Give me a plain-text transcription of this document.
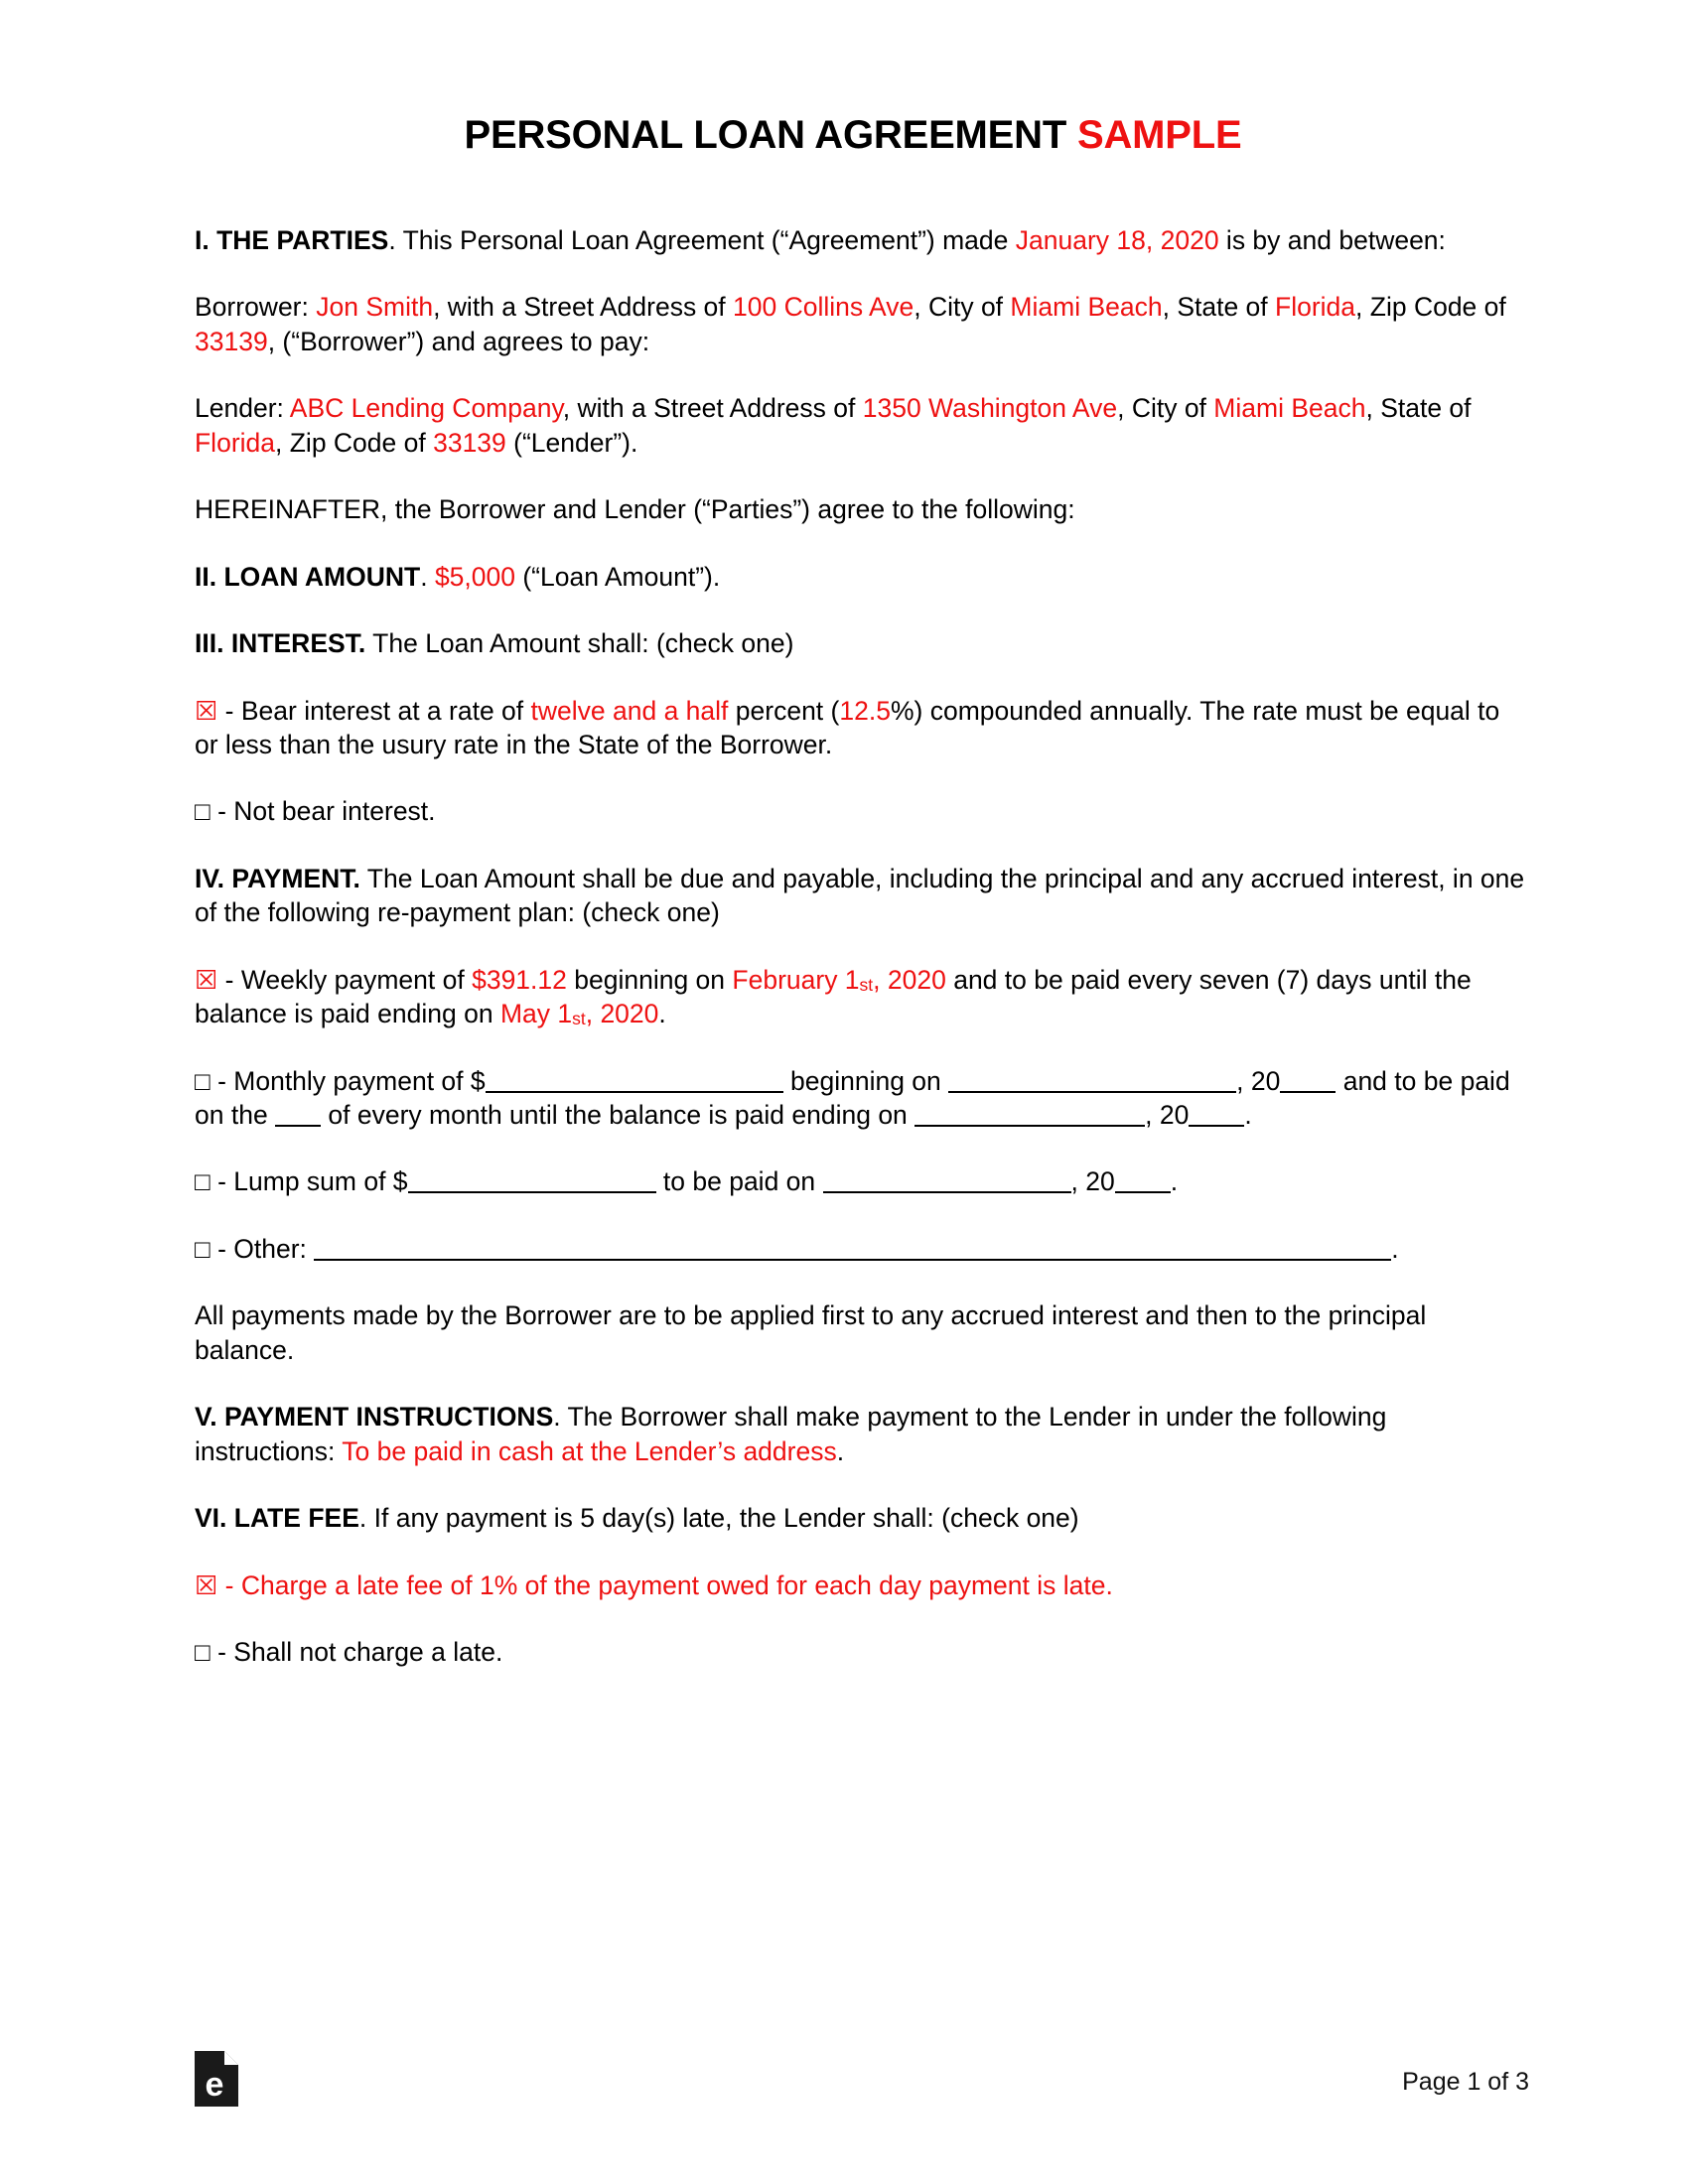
PERSONAL LOAN AGREEMENT SAMPLE

I. THE PARTIES. This Personal Loan Agreement (“Agreement”) made January 18, 2020 is by and between:

Borrower: Jon Smith, with a Street Address of 100 Collins Ave, City of Miami Beach, State of Florida, Zip Code of 33139, (“Borrower”) and agrees to pay:

Lender: ABC Lending Company, with a Street Address of 1350 Washington Ave, City of Miami Beach, State of Florida, Zip Code of 33139 (“Lender”).

HEREINAFTER, the Borrower and Lender (“Parties”) agree to the following:

II. LOAN AMOUNT. $5,000 (“Loan Amount”).

III. INTEREST. The Loan Amount shall: (check one)

☒ - Bear interest at a rate of twelve and a half percent (12.5%) compounded annually. The rate must be equal to or less than the usury rate in the State of the Borrower.

□ - Not bear interest.

IV. PAYMENT. The Loan Amount shall be due and payable, including the principal and any accrued interest, in one of the following re-payment plan: (check one)

☒ - Weekly payment of $391.12 beginning on February 1st, 2020 and to be paid every seven (7) days until the balance is paid ending on May 1st, 2020.

□ - Monthly payment of $	beginning on	, 20 and to be paid on the  of every month until the balance is paid ending on	, 20 .

□ - Lump sum of $	to be paid on	, 20 .

□ - Other:	.

All payments made by the Borrower are to be applied first to any accrued interest and then to the principal balance.

V. PAYMENT INSTRUCTIONS. The Borrower shall make payment to the Lender in under the following instructions: To be paid in cash at the Lender’s address.

VI. LATE FEE. If any payment is 5 day(s) late, the Lender shall: (check one)

☒ - Charge a late fee of 1% of the payment owed for each day payment is late.

□ - Shall not charge a late.

e	Page 1 of 3
